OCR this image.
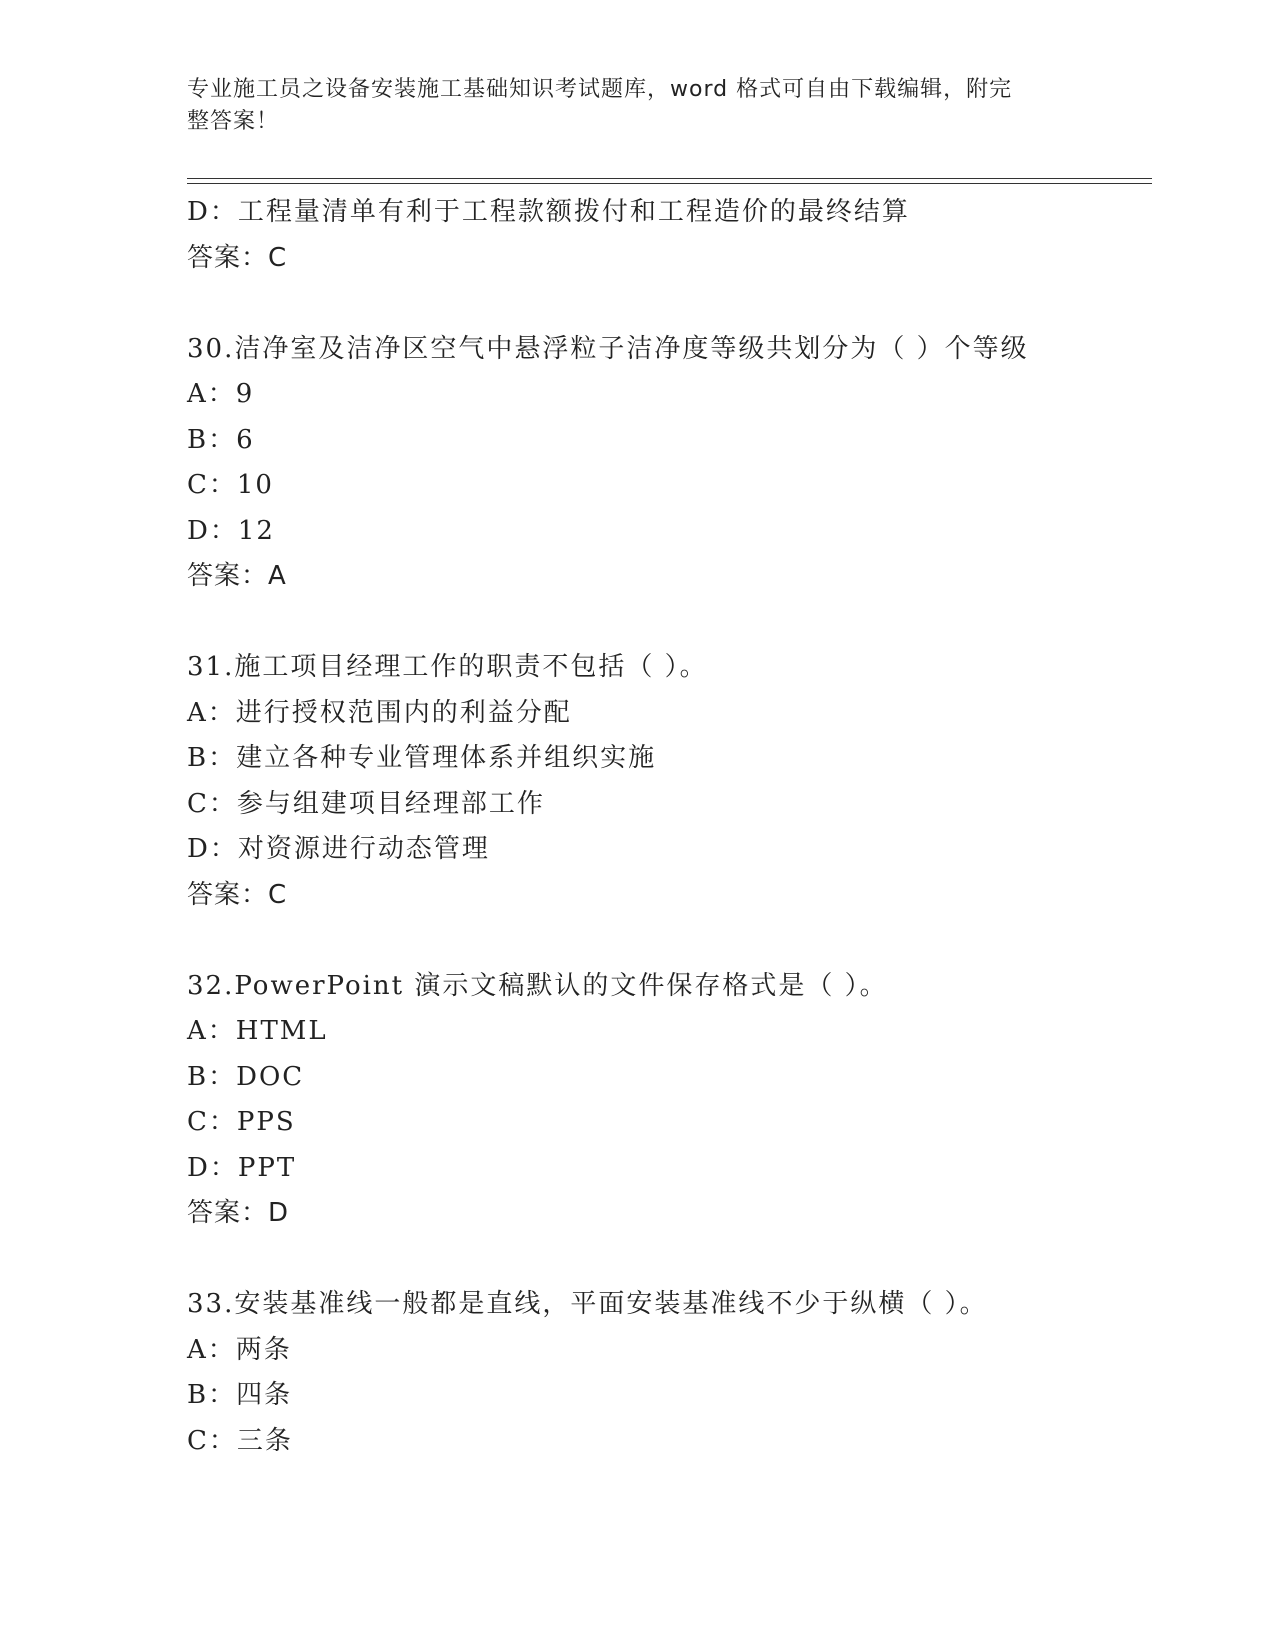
专业施工员之设备安装施工基础知识考试题库，word 格式可自由下载编辑，附完
整答案！
D：工程量清单有利于工程款额拨付和工程造价的最终结算
答案：C
30.洁净室及洁净区空气中悬浮粒子洁净度等级共划分为（ ）个等级
A：9
B：6
C：10
D：12
答案：A
31.施工项目经理工作的职责不包括（ ）。
A：进行授权范围内的利益分配
B：建立各种专业管理体系并组织实施
C：参与组建项目经理部工作
D：对资源进行动态管理
答案：C
32.PowerPoint 演示文稿默认的文件保存格式是（ ）。
A：HTML
B：DOC
C：PPS
D：PPT
答案：D
33.安装基准线一般都是直线，平面安装基准线不少于纵横（ ）。
A：两条
B：四条
C：三条
